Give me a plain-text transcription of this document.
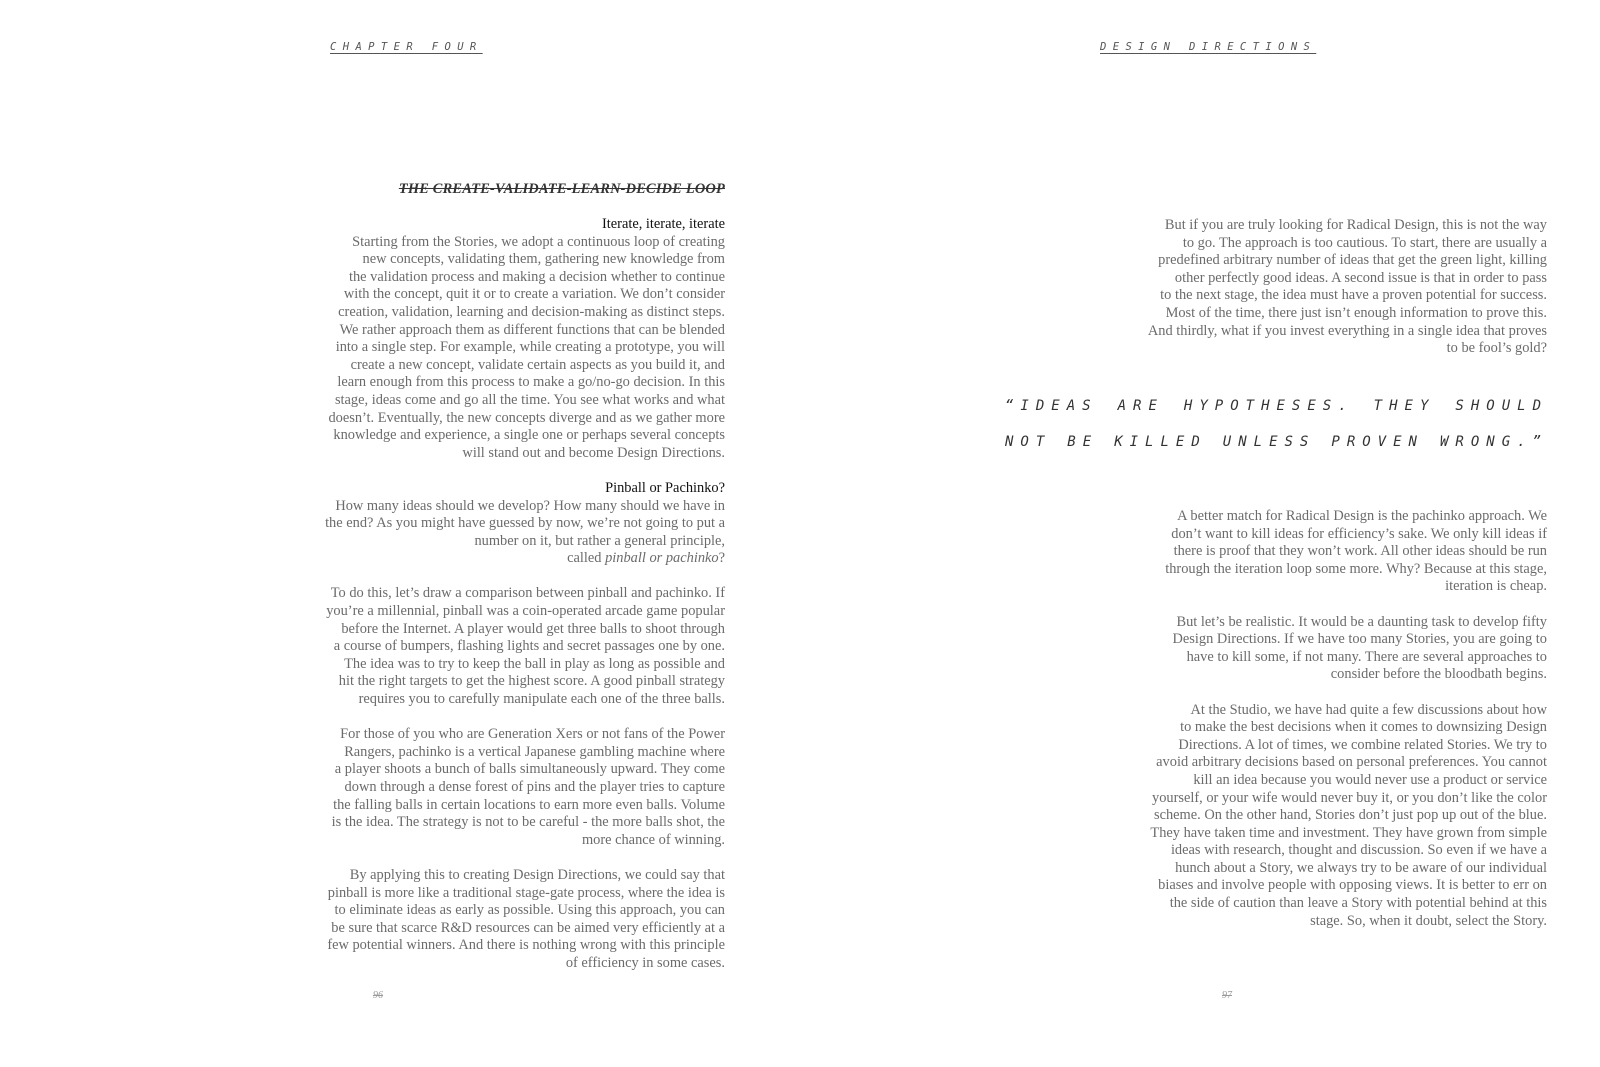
CHAPTER FOUR
THE CREATE-VALIDATE-LEARN-DECIDE LOOP

Iterate, iterate, iterate

Starting from the Stories, we adopt a continuous loop of creating
new concepts, validating them, gathering new knowledge from
the validation process and making a decision whether to continue
with the concept, quit it or to create a variation. We don’t consider
creation, validation, learning and decision-making as distinct steps.
We rather approach them as different functions that can be blended
into a single step. For example, while creating a prototype, you will
create a new concept, validate certain aspects as you build it, and
learn enough from this process to make a go/no-go decision. In this
stage, ideas come and go all the time. You see what works and what
doesn’t. Eventually, the new concepts diverge and as we gather more
knowledge and experience, a single one or perhaps several concepts
will stand out and become Design Directions.

Pinball or Pachinko?

How many ideas should we develop? How many should we have in
the end? As you might have guessed by now, we’re not going to put a
number on it, but rather a general principle,
called pinball or pachinko?

To do this, let’s draw a comparison between pinball and pachinko. If
you’re a millennial, pinball was a coin-operated arcade game popular
before the Internet. A player would get three balls to shoot through
a course of bumpers, flashing lights and secret passages one by one.
The idea was to try to keep the ball in play as long as possible and
hit the right targets to get the highest score. A good pinball strategy
requires you to carefully manipulate each one of the three balls.

For those of you who are Generation Xers or not fans of the Power
Rangers, pachinko is a vertical Japanese gambling machine where
a player shoots a bunch of balls simultaneously upward. They come
down through a dense forest of pins and the player tries to capture
the falling balls in certain locations to earn more even balls. Volume
is the idea. The strategy is not to be careful - the more balls shot, the
more chance of winning.

By applying this to creating Design Directions, we could say that
pinball is more like a traditional stage-gate process, where the idea is
to eliminate ideas as early as possible. Using this approach, you can
be sure that scarce R&D resources can be aimed very efficiently at a
few potential winners. And there is nothing wrong with this principle
of efficiency in some cases.

96
DESIGN DIRECTIONS

But if you are truly looking for Radical Design, this is not the way
to go. The approach is too cautious. To start, there are usually a
predefined arbitrary number of ideas that get the green light, killing
other perfectly good ideas. A second issue is that in order to pass
to the next stage, the idea must have a proven potential for success.
Most of the time, there just isn’t enough information to prove this.
And thirdly, what if you invest everything in a single idea that proves
to be fool’s gold?

“IDEAS ARE HYPOTHESES. THEY SHOULD
NOT BE KILLED UNLESS PROVEN WRONG.”

A better match for Radical Design is the pachinko approach. We
don’t want to kill ideas for efficiency’s sake. We only kill ideas if
there is proof that they won’t work. All other ideas should be run
through the iteration loop some more. Why? Because at this stage,
iteration is cheap.

But let’s be realistic. It would be a daunting task to develop fifty
Design Directions. If we have too many Stories, you are going to
have to kill some, if not many. There are several approaches to
consider before the bloodbath begins.

At the Studio, we have had quite a few discussions about how
to make the best decisions when it comes to downsizing Design
Directions. A lot of times, we combine related Stories. We try to
avoid arbitrary decisions based on personal preferences. You cannot
kill an idea because you would never use a product or service
yourself, or your wife would never buy it, or you don’t like the color
scheme. On the other hand, Stories don’t just pop up out of the blue.
They have taken time and investment. They have grown from simple
ideas with research, thought and discussion. So even if we have a
hunch about a Story, we always try to be aware of our individual
biases and involve people with opposing views. It is better to err on
the side of caution than leave a Story with potential behind at this
stage. So, when it doubt, select the Story.

97
